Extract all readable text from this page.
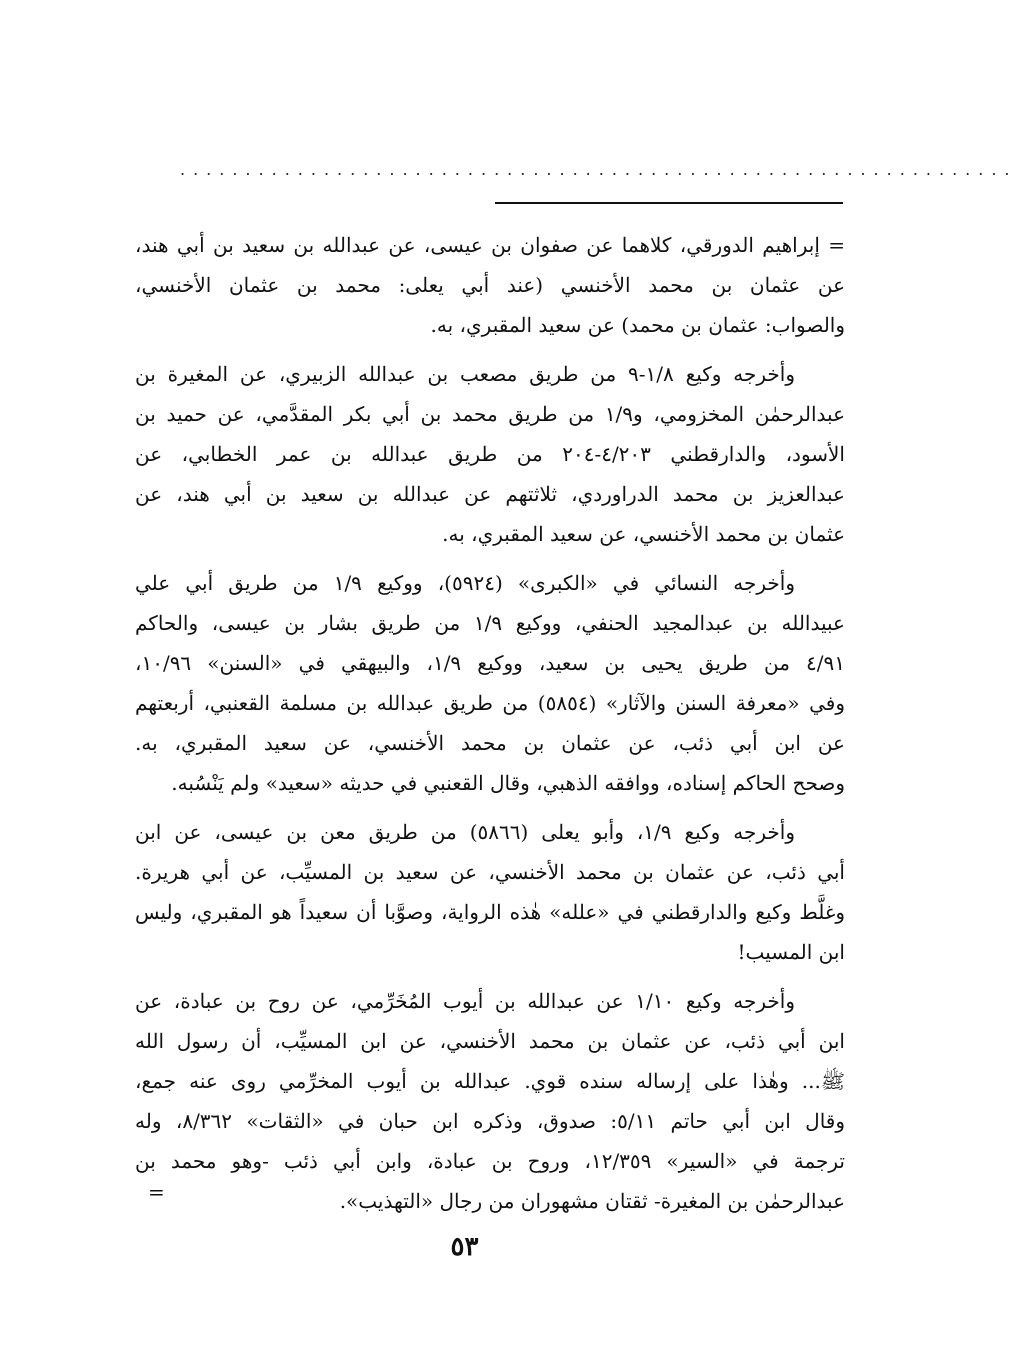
................................................................
= إبراهيم الدورقي، كلاهما عن صفوان بن عيسى، عن عبدالله بن سعيد بن أبي هند،
عن عثمان بن محمد الأخنسي (عند أبي يعلى: محمد بن عثمان الأخنسي،
والصواب: عثمان بن محمد) عن سعيد المقبري، به.
وأخرجه وكيع ١/٨-٩ من طريق مصعب بن عبدالله الزبيري، عن المغيرة بن
عبدالرحمٰن المخزومي، و١/٩ من طريق محمد بن أبي بكر المقدَّمي، عن حميد بن
الأسود، والدارقطني ٤/٢٠٣-٢٠٤ من طريق عبدالله بن عمر الخطابي، عن
عبدالعزيز بن محمد الدراوردي، ثلاثتهم عن عبدالله بن سعيد بن أبي هند، عن
عثمان بن محمد الأخنسي، عن سعيد المقبري، به.
وأخرجه النسائي في «الكبرى» (٥٩٢٤)، ووكيع ١/٩ من طريق أبي علي
عبيدالله بن عبدالمجيد الحنفي، ووكيع ١/٩ من طريق بشار بن عيسى، والحاكم
٤/٩١ من طريق يحيى بن سعيد، ووكيع ١/٩، والبيهقي في «السنن» ١٠/٩٦،
وفي «معرفة السنن والآثار» (٥٨٥٤) من طريق عبدالله بن مسلمة القعنبي، أربعتهم
عن ابن أبي ذئب، عن عثمان بن محمد الأخنسي، عن سعيد المقبري، به.
وصحح الحاكم إسناده، ووافقه الذهبي، وقال القعنبي في حديثه «سعيد» ولم يَنْسُبه.
وأخرجه وكيع ١/٩، وأبو يعلى (٥٨٦٦) من طريق معن بن عيسى، عن ابن
أبي ذئب، عن عثمان بن محمد الأخنسي، عن سعيد بن المسيِّب، عن أبي هريرة.
وغلَّط وكيع والدارقطني في «علله» هٰذه الرواية، وصوَّبا أن سعيداً هو المقبري، وليس
ابن المسيب!
وأخرجه وكيع ١/١٠ عن عبدالله بن أيوب المُخَرِّمي، عن روح بن عبادة، عن
ابن أبي ذئب، عن عثمان بن محمد الأخنسي، عن ابن المسيِّب، أن رسول الله
ﷺ... وهٰذا على إرساله سنده قوي. عبدالله بن أيوب المخرِّمي روى عنه جمع،
وقال ابن أبي حاتم ٥/١١: صدوق، وذكره ابن حبان في «الثقات» ٨/٣٦٢، وله
ترجمة في «السير» ١٢/٣٥٩، وروح بن عبادة، وابن أبي ذئب -وهو محمد بن
عبدالرحمٰن بن المغيرة- ثقتان مشهوران من رجال «التهذيب».
=
٥٣
